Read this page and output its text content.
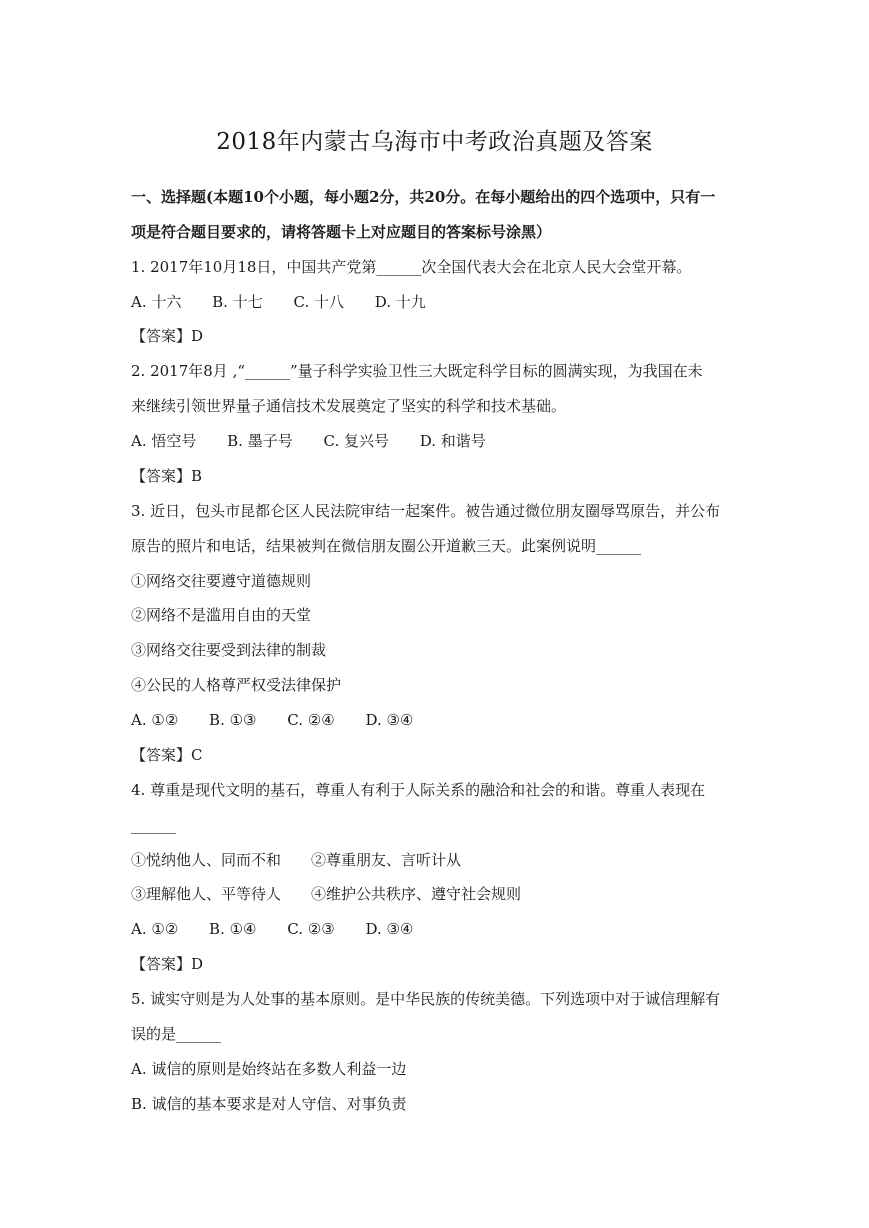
2018年内蒙古乌海市中考政治真题及答案
一、选择题(本题10个小题，每小题2分，共20分。在每小题给出的四个选项中，只有一
项是符合题目要求的，请将答题卡上对应题目的答案标号涂黑）
1. 2017年10月18日，中国共产党第______次全国代表大会在北京人民大会堂开幕。
A. 十六 B. 十七 C. 十八 D. 十九
【答案】D
2. 2017年8月 ,“______”量子科学实验卫性三大既定科学目标的圆满实现，为我国在未
来继续引领世界量子通信技术发展奠定了坚实的科学和技术基础。
A. 悟空号 B. 墨子号 C. 复兴号 D. 和谐号
【答案】B
3. 近日，包头市昆都仑区人民法院审结一起案件。被告通过微位朋友圈辱骂原告，并公布
原告的照片和电话，结果被判在微信朋友圈公开道歉三天。此案例说明______
①网络交往要遵守道德规则
②网络不是滥用自由的天堂
③网络交往要受到法律的制裁
④公民的人格尊严权受法律保护
A. ①② B. ①③ C. ②④ D. ③④
【答案】C
4. 尊重是现代文明的基石，尊重人有利于人际关系的融洽和社会的和谐。尊重人表现在
______
①悦纳他人、同而不和　　②尊重朋友、言听计从
③理解他人、平等待人　　④维护公共秩序、遵守社会规则
A. ①② B. ①④ C. ②③ D. ③④
【答案】D
5. 诚实守则是为人处事的基本原则。是中华民族的传统美德。下列选项中对于诚信理解有
误的是______
A. 诚信的原则是始终站在多数人利益一边
B. 诚信的基本要求是对人守信、对事负责
